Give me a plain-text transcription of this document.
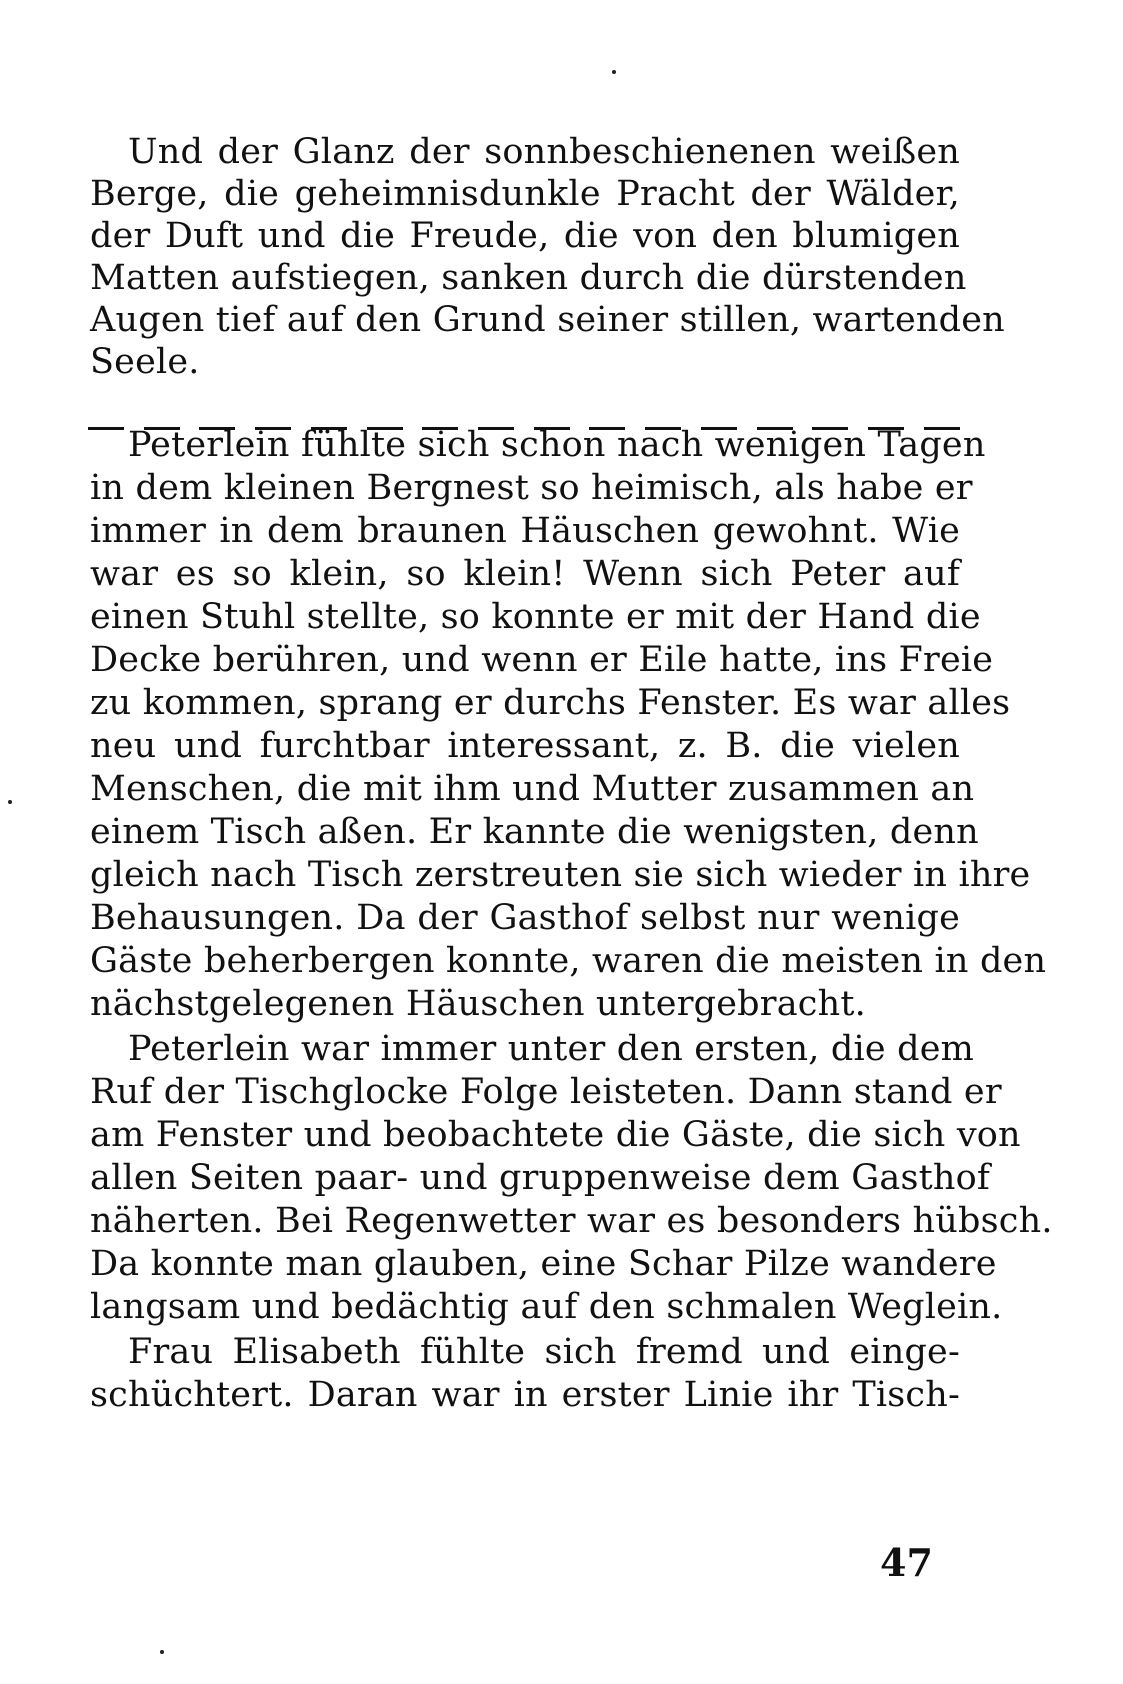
Und der Glanz der sonnbeschienenen weißen
Berge, die geheimnisdunkle Pracht der Wälder,
der Duft und die Freude, die von den blumigen
Matten aufstiegen, sanken durch die dürstenden
Augen tief auf den Grund seiner stillen, wartenden
Seele.
Peterlein fühlte sich schon nach wenigen Tagen
in dem kleinen Bergnest so heimisch, als habe er
immer in dem braunen Häuschen gewohnt. Wie
war es so klein, so klein! Wenn sich Peter auf
einen Stuhl stellte, so konnte er mit der Hand die
Decke berühren, und wenn er Eile hatte, ins Freie
zu kommen, sprang er durchs Fenster. Es war alles
neu und furchtbar interessant, z. B. die vielen
Menschen, die mit ihm und Mutter zusammen an
einem Tisch aßen. Er kannte die wenigsten, denn
gleich nach Tisch zerstreuten sie sich wieder in ihre
Behausungen. Da der Gasthof selbst nur wenige
Gäste beherbergen konnte, waren die meisten in den
nächstgelegenen Häuschen untergebracht.
Peterlein war immer unter den ersten, die dem
Ruf der Tischglocke Folge leisteten. Dann stand er
am Fenster und beobachtete die Gäste, die sich von
allen Seiten paar- und gruppenweise dem Gasthof
näherten. Bei Regenwetter war es besonders hübsch.
Da konnte man glauben, eine Schar Pilze wandere
langsam und bedächtig auf den schmalen Weglein.
Frau Elisabeth fühlte sich fremd und einge-
schüchtert. Daran war in erster Linie ihr Tisch-
47
